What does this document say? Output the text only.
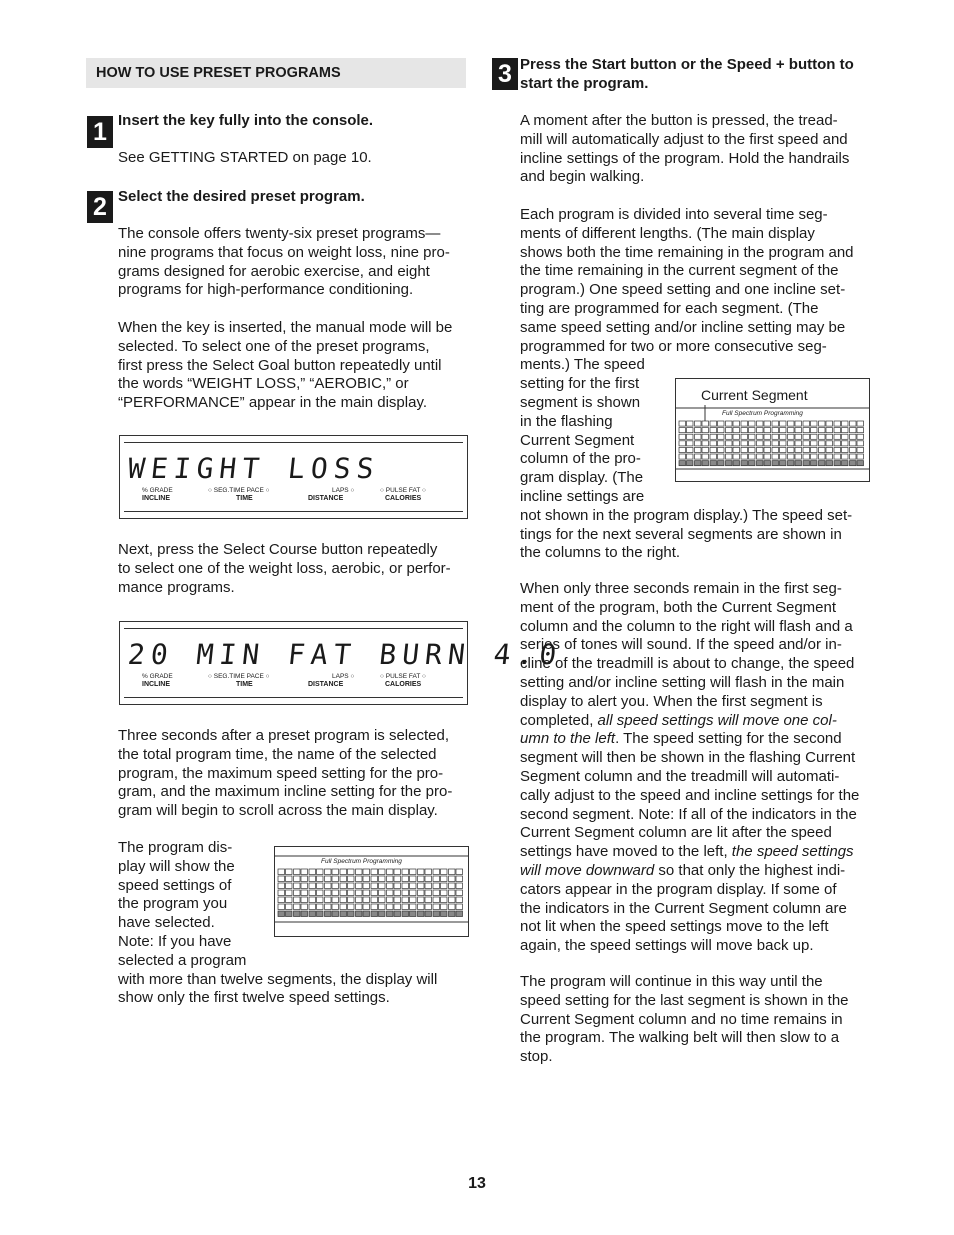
HOW TO USE PRESET PROGRAMS
1 Insert the key fully into the console.

See GETTING STARTED on page 10.

2 Select the desired preset program.

The console offers twenty-six preset programs—

nine programs that focus on weight loss, nine pro-

grams designed for aerobic exercise, and eight

programs for high-performance conditioning.

When the key is inserted, the manual mode will be

selected. To select one of the preset programs,

first press the Select Goal button repeatedly until

the words “WEIGHT LOSS,” “AEROBIC,” or

“PERFORMANCE” appear in the main display.

WEIGHT LOSS
% GRADE	○ SEG.TIME PACE ○	LAPS ○	○ PULSE FAT ○
INCLINE	TIME	DISTANCE	CALORIES

Next, press the Select Course button repeatedly

to select one of the weight loss, aerobic, or perfor-

mance programs.

20 MIN FAT BURN 4.0
% GRADE	○ SEG.TIME PACE ○	LAPS ○	○ PULSE FAT ○
INCLINE	TIME	DISTANCE	CALORIES

Three seconds after a preset program is selected,

the total program time, the name of the selected

program, the maximum speed setting for the pro-

gram, and the maximum incline setting for the pro-

gram will begin to scroll across the main display.

The program dis-

play will show the

speed settings of

the program you

have selected.

Note: If you have

selected a program

with more than twelve segments, the display will

show only the first twelve speed settings.

Full Spectrum Programming
3 Press the Start button or the Speed + button to

start the program.

A moment after the button is pressed, the tread-

mill will automatically adjust to the first speed and

incline settings of the program. Hold the handrails

and begin walking.

Each program is divided into several time seg-

ments of different lengths. (The main display

shows both the time remaining in the program and

the time remaining in the current segment of the

program.) One speed setting and one incline set-

ting are programmed for each segment. (The

same speed setting and/or incline setting may be

programmed for two or more consecutive seg-

ments.) The speed

setting for the first

segment is shown

in the flashing

Current Segment

column of the pro-

gram display. (The

incline settings are

not shown in the program display.) The speed set-

tings for the next several segments are shown in

the columns to the right.

Current Segment
Full Spectrum Programming

When only three seconds remain in the first seg-

ment of the program, both the Current Segment

column and the column to the right will flash and a

series of tones will sound. If the speed and/or in-

cline of the treadmill is about to change, the speed

setting and/or incline setting will flash in the main

display to alert you. When the first segment is

completed, all speed settings will move one col-

umn to the left. The speed setting for the second

segment will then be shown in the flashing Current

Segment column and the treadmill will automati-

cally adjust to the speed and incline settings for the

second segment. Note: If all of the indicators in the

Current Segment column are lit after the speed

settings have moved to the left, the speed settings

will move downward so that only the highest indi-

cators appear in the program display. If some of

the indicators in the Current Segment column are

not lit when the speed settings move to the left

again, the speed settings will move back up.

The program will continue in this way until the

speed setting for the last segment is shown in the

Current Segment column and no time remains in

the program. The walking belt will then slow to a

stop.

13
